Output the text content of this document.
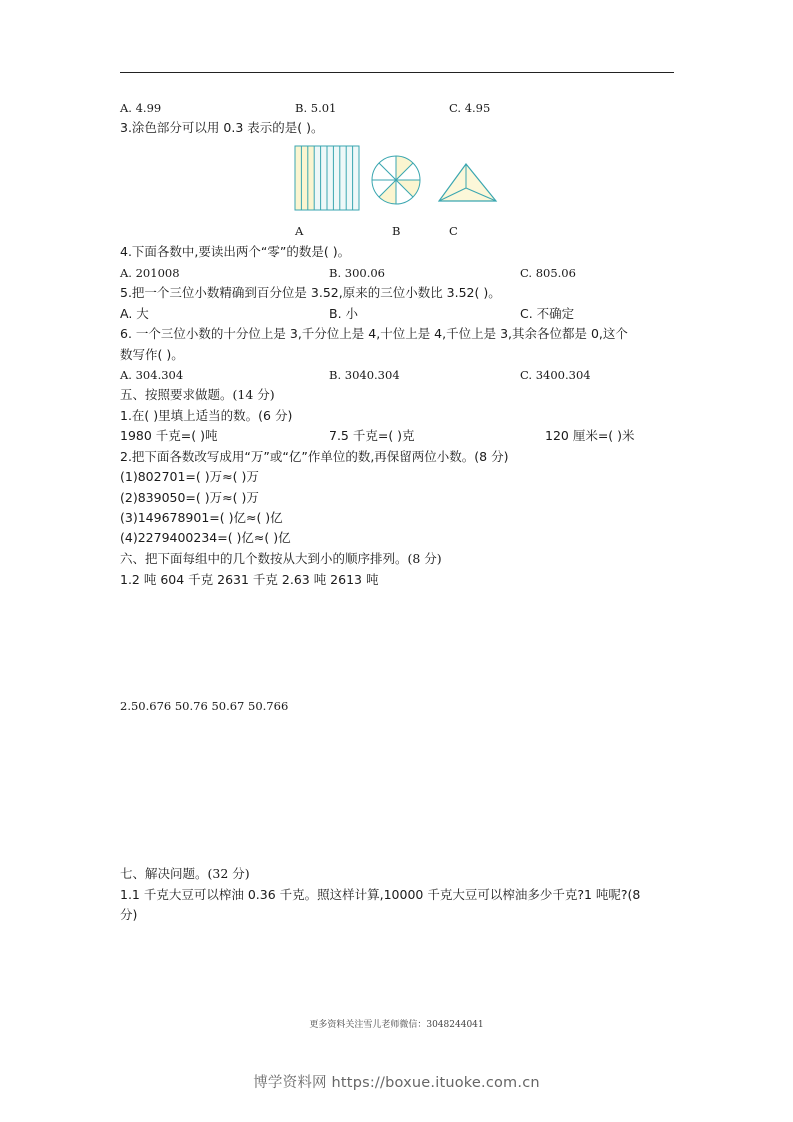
A. 4.99	B. 5.01	C. 4.95
3.涂色部分可以用 0.3 表示的是( )。
A	B	C
4.下面各数中,要读出两个“零”的数是( )。
A. 201008	B. 300.06	C. 805.06
5.把一个三位小数精确到百分位是 3.52,原来的三位小数比 3.52( )。
A. 大	B. 小	C. 不确定
6. 一个三位小数的十分位上是 3,千分位上是 4,十位上是 4,千位上是 3,其余各位都是 0,这个
数写作( )。
A. 304.304	B. 3040.304	C. 3400.304
五、按照要求做题。(14 分)
1.在( )里填上适当的数。(6 分)
1980 千克=( )吨	7.5 千克=( )克	120 厘米=( )米
2.把下面各数改写成用“万”或“亿”作单位的数,再保留两位小数。(8 分)
(1)802701=( )万≈( )万
(2)839050=( )万≈( )万
(3)149678901=( )亿≈( )亿
(4)2279400234=( )亿≈( )亿
六、把下面每组中的几个数按从大到小的顺序排列。(8 分)
1.2 吨 604 千克 2631 千克 2.63 吨 2613 吨
2.50.676 50.76 50.67 50.766
七、解决问题。(32 分)
1.1 千克大豆可以榨油 0.36 千克。照这样计算,10000 千克大豆可以榨油多少千克?1 吨呢?(8
分)
更多资料关注雪儿老师微信：3048244041
博学资料网 https://boxue.ituoke.com.cn
